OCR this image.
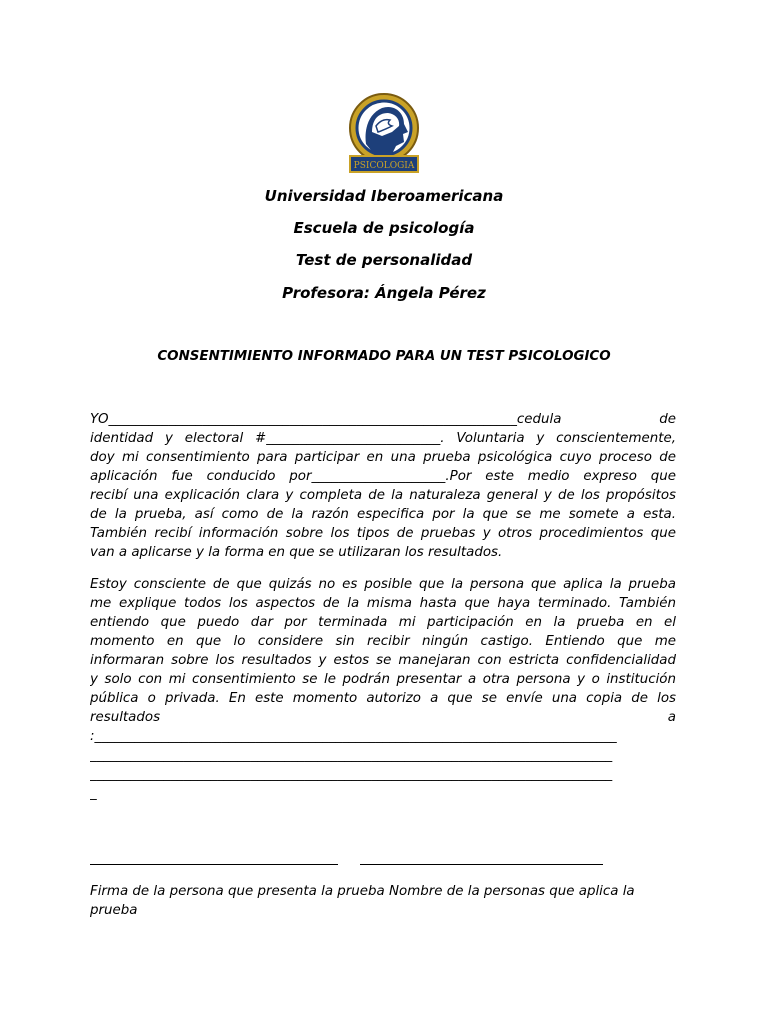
PSICOLOGIA
Universidad Iberoamericana
Escuela de psicología
Test de personalidad
Profesora: Ángela Pérez
CONSENTIMIENTO INFORMADO PARA UN TEST PSICOLOGICO
YO_____________________________________________________________cedula de
identidad y electoral #__________________________. Voluntaria y conscientemente,
doy mi consentimiento para participar en una prueba psicológica cuyo proceso de
aplicación fue conducido por____________________.Por este medio expreso que
recibí una explicación clara y completa de la naturaleza general y de los propósitos
de la prueba, así como de la razón especifica por la que se me somete a esta.
También recibí información sobre los tipos de pruebas y otros procedimientos que
van a aplicarse y la forma en que se utilizaran los resultados.
Estoy consciente de que quizás no es posible que la persona que aplica la prueba
me explique todos los aspectos de la misma hasta que haya terminado. También
entiendo que puedo dar por terminada mi participación en la prueba en el
momento en que lo considere sin recibir ningún castigo. Entiendo que me
informaran sobre los resultados y estos se manejaran con estricta confidencialidad
y solo con mi consentimiento se le podrán presentar a otra persona y o institución
pública o privada. En este momento autorizo a que se envíe una copia de los
resultados a
:______________________________________________________________________________
______________________________________________________________________________
______________________________________________________________________________
_
Firma de la persona que presenta la prueba Nombre de la personas que aplica la prueba
